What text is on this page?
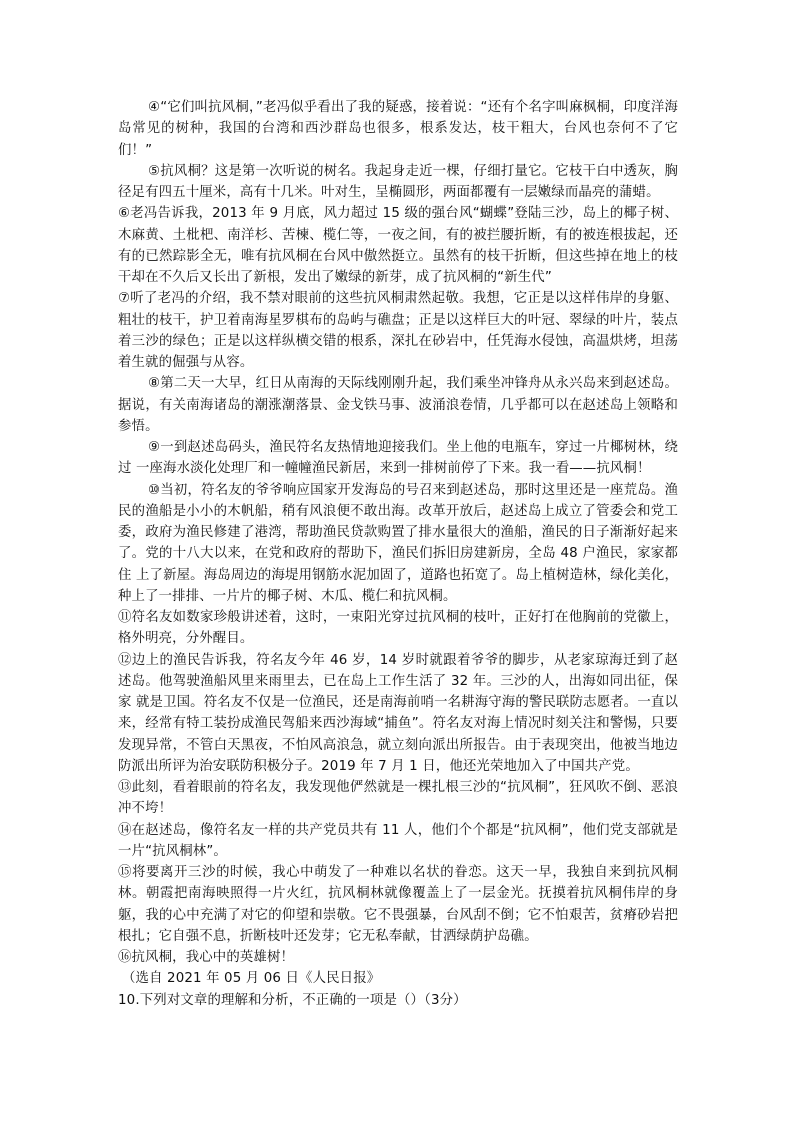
④“它们叫抗风桐，”老冯似乎看出了我的疑惑，接着说：“还有个名字叫麻枫桐，印度洋海岛常见的树种，我国的台湾和西沙群岛也很多，根系发达，枝干粗大，台风也奈何不了它们！”

⑤抗风桐？这是第一次听说的树名。我起身走近一棵，仔细打量它。它枝干白中透灰，胸径足有四五十厘米，高有十几米。叶对生，呈椭圆形，两面都覆有一层嫩绿而晶亮的蒲蜡。

⑥老冯告诉我，2013 年 9 月底，风力超过 15 级的强台风“蝴蝶”登陆三沙，岛上的椰子树、木麻黄、土枇杷、南洋杉、苦楝、榄仁等，一夜之间，有的被拦腰折断，有的被连根拔起，还有的已然踪影全无，唯有抗风桐在台风中傲然挺立。虽然有的枝干折断，但这些掉在地上的枝干却在不久后又长出了新根，发出了嫩绿的新芽，成了抗风桐的“新生代”

⑦听了老冯的介绍，我不禁对眼前的这些抗风桐肃然起敬。我想，它正是以这样伟岸的身躯、粗壮的枝干，护卫着南海星罗棋布的岛屿与礁盘；正是以这样巨大的叶冠、翠绿的叶片，装点着三沙的绿色；正是以这样纵横交错的根系，深扎在砂岩中，任凭海水侵蚀，高温烘烤，坦荡着生就的倔强与从容。

⑧第二天一大早，红日从南海的天际线刚刚升起，我们乘坐冲锋舟从永兴岛来到赵述岛。据说，有关南海诸岛的潮涨潮落景、金戈铁马事、波涌浪卷情，几乎都可以在赵述岛上领略和参悟。

⑨一到赵述岛码头，渔民符名友热情地迎接我们。坐上他的电瓶车，穿过一片椰树林，绕过 一座海水淡化处理厂和一幢幢渔民新居，来到一排树前停了下来。我一看——抗风桐！

⑩当初，符名友的爷爷响应国家开发海岛的号召来到赵述岛，那时这里还是一座荒岛。渔民的渔船是小小的木帆船，稍有风浪便不敢出海。改革开放后，赵述岛上成立了管委会和党工委，政府为渔民修建了港湾，帮助渔民贷款购置了排水量很大的渔船，渔民的日子渐渐好起来了。党的十八大以来，在党和政府的帮助下，渔民们拆旧房建新房，全岛 48 户渔民，家家都住 上了新屋。海岛周边的海堤用钢筋水泥加固了，道路也拓宽了。岛上植树造林，绿化美化，种上了一排排、一片片的椰子树、木瓜、榄仁和抗风桐。

⑪符名友如数家珍般讲述着，这时，一束阳光穿过抗风桐的枝叶，正好打在他胸前的党徽上，格外明亮，分外醒目。

⑫边上的渔民告诉我，符名友今年 46 岁，14 岁时就跟着爷爷的脚步，从老家琼海迁到了赵述岛。他驾驶渔船风里来雨里去，已在岛上工作生活了 32 年。三沙的人，出海如同出征，保家 就是卫国。符名友不仅是一位渔民，还是南海前哨一名耕海守海的警民联防志愿者。一直以来，经常有特工装扮成渔民驾船来西沙海域“捕鱼”。符名友对海上情况时刻关注和警惕，只要发现异常，不管白天黑夜，不怕风高浪急，就立刻向派出所报告。由于表现突出，他被当地边防派出所评为治安联防积极分子。2019 年 7 月 1 日，他还光荣地加入了中国共产党。

⑬此刻，看着眼前的符名友，我发现他俨然就是一棵扎根三沙的“抗风桐”，狂风吹不倒、恶浪冲不垮！

⑭在赵述岛，像符名友一样的共产党员共有 11 人，他们个个都是“抗风桐”，他们党支部就是一片“抗风桐林”。

⑮将要离开三沙的时候，我心中萌发了一种难以名状的眷恋。这天一早，我独自来到抗风桐林。朝霞把南海映照得一片火红，抗风桐林就像覆盖上了一层金光。抚摸着抗风桐伟岸的身躯，我的心中充满了对它的仰望和崇敬。它不畏强暴，台风刮不倒；它不怕艰苦，贫瘠砂岩把根扎；它自强不息，折断枝叶还发芽；它无私奉献，甘洒绿荫护岛礁。

⑯抗风桐，我心中的英雄树！

（选自 2021 年 05 月 06 日《人民日报》

10.下列对文章的理解和分析，不正确的一项是（）（3分）
